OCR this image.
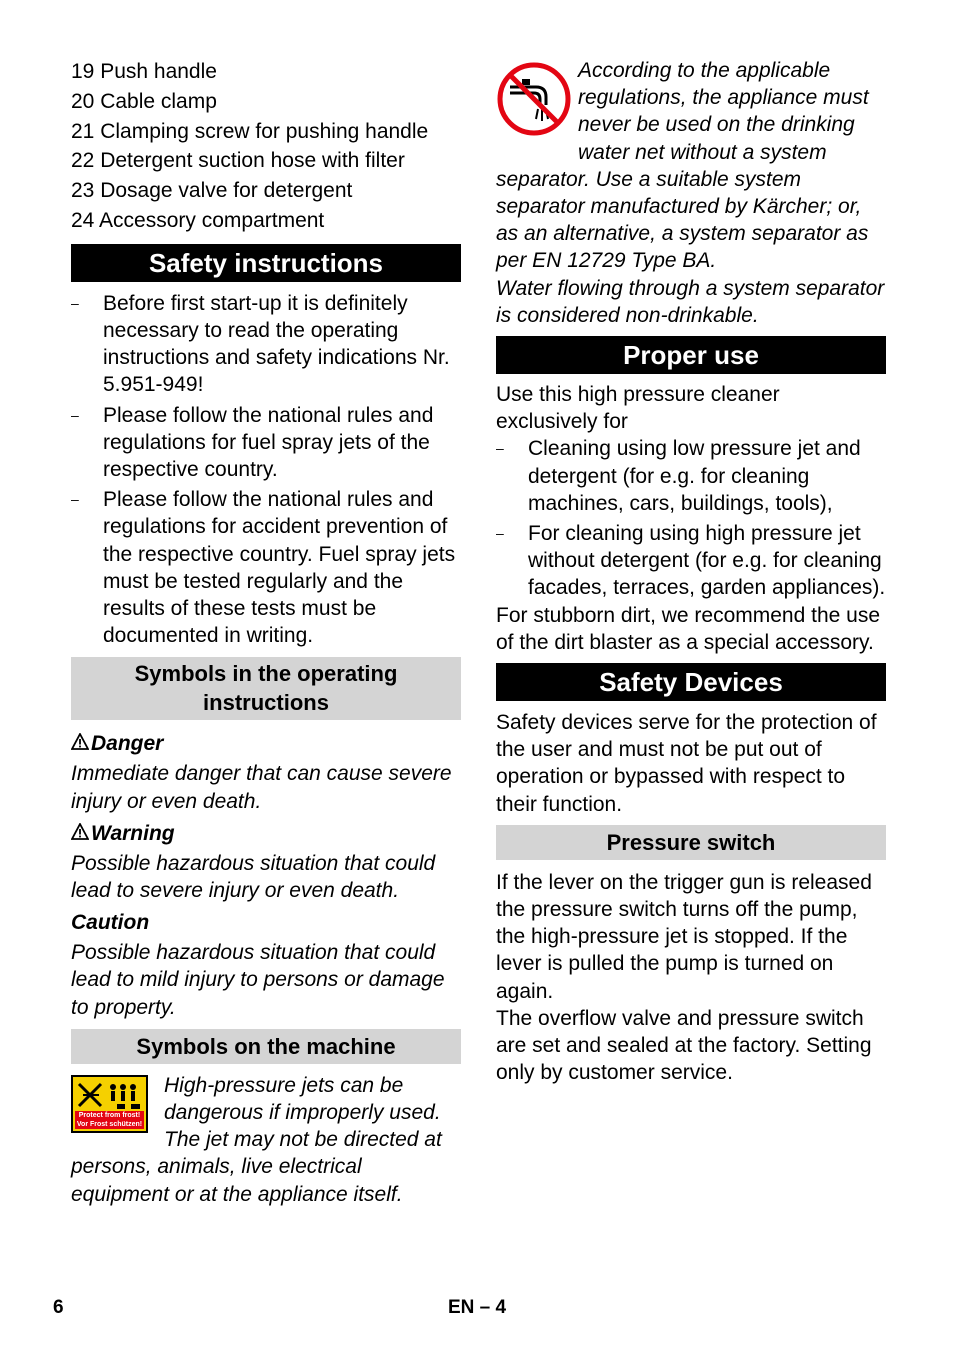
19 Push handle

20 Cable clamp

21 Clamping screw for pushing handle

22 Detergent suction hose with filter

23 Dosage valve for detergent

24 Accessory compartment

Safety instructions
– Before first start-up it is definitely necessary to read the operating instructions and safety indications Nr. 5.951-949!
– Please follow the national rules and regulations for fuel spray jets of the respective country.
– Please follow the national rules and regulations for accident prevention of the respective country. Fuel spray jets must be tested regularly and the results of these tests must be documented in writing.
Symbols in the operating instructions
Danger

Immediate danger that can cause severe injury or even death.

Warning

Possible hazardous situation that could lead to severe injury or even death.

Caution

Possible hazardous situation that could lead to mild injury to persons or damage to property.

Symbols on the machine
Protect from frost!
Vor Frost schützen!

High-pressure jets can be dangerous if improperly used. The jet may not be directed at persons, animals, live electrical equipment or at the appliance itself.

According to the applicable regulations, the appliance must never be used on the drinking water net without a system separator. Use a suitable system separator manufactured by Kärcher; or, as an alternative, a system separator as per EN 12729 Type BA.

Water flowing through a system separator is considered non-drinkable.

Proper use

Use this high pressure cleaner exclusively for

– Cleaning using low pressure jet and detergent (for e.g. for cleaning machines, cars, buildings, tools),
– For cleaning using high pressure jet without detergent (for e.g. for cleaning facades, terraces, garden appliances).

For stubborn dirt, we recommend the use of the dirt blaster as a special accessory.

Safety Devices

Safety devices serve for the protection of the user and must not be put out of operation or bypassed with respect to their function.

Pressure switch

If the lever on the trigger gun is released the pressure switch turns off the pump, the high-pressure jet is stopped. If the lever is pulled the pump is turned on again.

The overflow valve and pressure switch are set and sealed at the factory. Setting only by customer service.

6	EN – 4
